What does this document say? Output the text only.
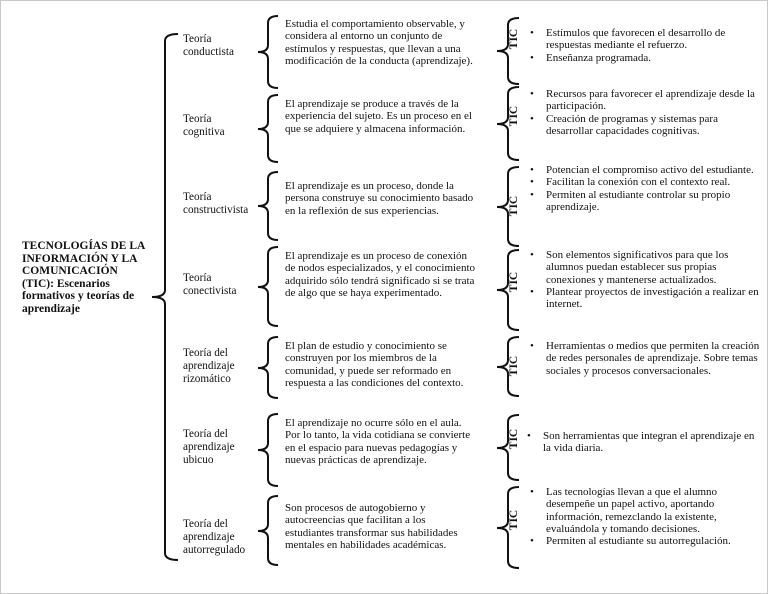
TECNOLOGÍAS DE LA
INFORMACIÓN Y LA
COMUNICACIÓN
(TIC): Escenarios
formativos y teorías de
aprendizaje
Teoría
conductista
Estudia el comportamiento observable, y considera al entorno un conjunto de estímulos y respuestas, que llevan a una modificación de la conducta (aprendizaje).
TIC	• Estímulos que favorecen el desarrollo de respuestas mediante el refuerzo.
• Enseñanza programada.
Teoría
cognitiva
El aprendizaje se produce a través de la experiencia del sujeto. Es un proceso en el que se adquiere y almacena información.
TIC
• Recursos para favorecer el aprendizaje desde la participación.
• Creación de programas y sistemas para desarrollar capacidades cognitivas.
Teoría
constructivista
El aprendizaje es un proceso, donde la persona construye su conocimiento basado en la reflexión de sus experiencias.	TIC
• Potencian el compromiso activo del estudiante.
• Facilitan la conexión con el contexto real.
• Permiten al estudiante controlar su propio aprendizaje.
Teoría
conectivista
El aprendizaje es un proceso de conexión de nodos especializados, y el conocimiento adquirido sólo tendrá significado si se trata de algo que se haya experimentado.
TIC
• Son elementos significativos para que los alumnos puedan establecer sus propias conexiones y mantenerse actualizados.
• Plantear proyectos de investigación a realizar en internet.
Teoría del
aprendizaje
rizomático
El plan de estudio y conocimiento se construyen por los miembros de la comunidad, y puede ser reformado en respuesta a las condiciones del contexto.
TIC
• Herramientas o medios que permiten la creación de redes personales de aprendizaje. Sobre temas sociales y procesos conversacionales.
Teoría del
aprendizaje
ubicuo
El aprendizaje no ocurre sólo en el aula. Por lo tanto, la vida cotidiana se convierte en el espacio para nuevas pedagogías y nuevas prácticas de aprendizaje.
TIC	• Son herramientas que integran el aprendizaje en la vida diaria.
Teoría del
aprendizaje
autorregulado
Son procesos de autogobierno y autocreencias que facilitan a los estudiantes transformar sus habilidades mentales en habilidades académicas.
TIC
• Las tecnologías llevan a que el alumno desempeñe un papel activo, aportando información, remezclando la existente, evaluándola y tomando decisiones.
• Permiten al estudiante su autorregulación.
